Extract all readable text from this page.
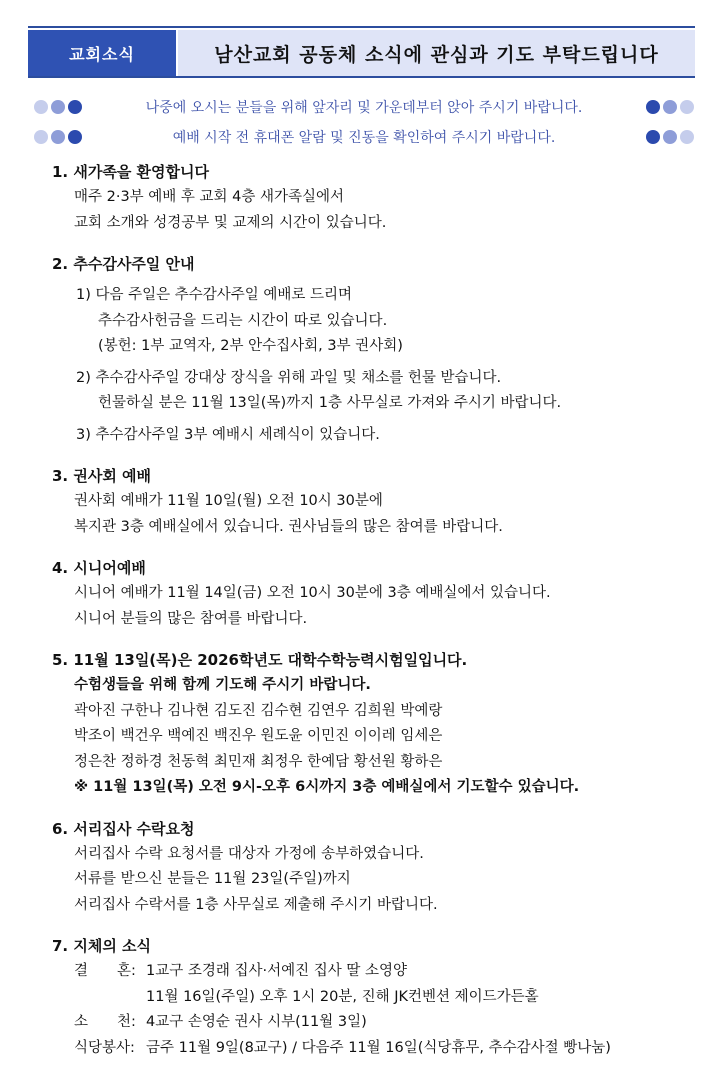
교회소식	남산교회 공동체 소식에 관심과 기도 부탁드립니다
나중에 오시는 분들을 위해 앞자리 및 가운데부터 앉아 주시기 바랍니다.
예배 시작 전 휴대폰 알람 및 진동을 확인하여 주시기 바랍니다.
1. 새가족을 환영합니다
매주 2·3부 예배 후 교회 4층 새가족실에서
교회 소개와 성경공부 및 교제의 시간이 있습니다.
2. 추수감사주일 안내
1) 다음 주일은 추수감사주일 예배로 드리며
추수감사헌금을 드리는 시간이 따로 있습니다.
(봉헌: 1부 교역자, 2부 안수집사회, 3부 권사회)
2) 추수감사주일 강대상 장식을 위해 과일 및 채소를 헌물 받습니다.
헌물하실 분은 11월 13일(목)까지 1층 사무실로 가져와 주시기 바랍니다.
3) 추수감사주일 3부 예배시 세례식이 있습니다.
3. 권사회 예배
권사회 예배가 11월 10일(월) 오전 10시 30분에
복지관 3층 예배실에서 있습니다. 권사님들의 많은 참여를 바랍니다.
4. 시니어예배
시니어 예배가 11월 14일(금) 오전 10시 30분에 3층 예배실에서 있습니다.
시니어 분들의 많은 참여를 바랍니다.
5. 11월 13일(목)은 2026학년도 대학수학능력시험일입니다.
수험생들을 위해 함께 기도해 주시기 바랍니다.
곽아진 구한나 김나현 김도진 김수현 김연우 김희원 박예랑
박조이 백건우 백예진 백진우 원도윤 이민진 이이레 임세은
정은찬 정하경 천동혁 최민재 최정우 한예담 황선원 황하은
※ 11월 13일(목) 오전 9시-오후 6시까지 3층 예배실에서 기도할수 있습니다.
6. 서리집사 수락요청
서리집사 수락 요청서를 대상자 가정에 송부하였습니다.
서류를 받으신 분들은 11월 23일(주일)까지
서리집사 수락서를 1층 사무실로 제출해 주시기 바랍니다.
7. 지체의 소식
결　　혼: 1교구 조경래 집사·서예진 집사 딸 소영양
11월 16일(주일) 오후 1시 20분, 진해 JK컨벤션 제이드가든홀
소　　천: 4교구 손영순 권사 시부(11월 3일)
식당봉사: 금주 11월 9일(8교구) / 다음주 11월 16일(식당휴무, 추수감사절 빵나눔)
